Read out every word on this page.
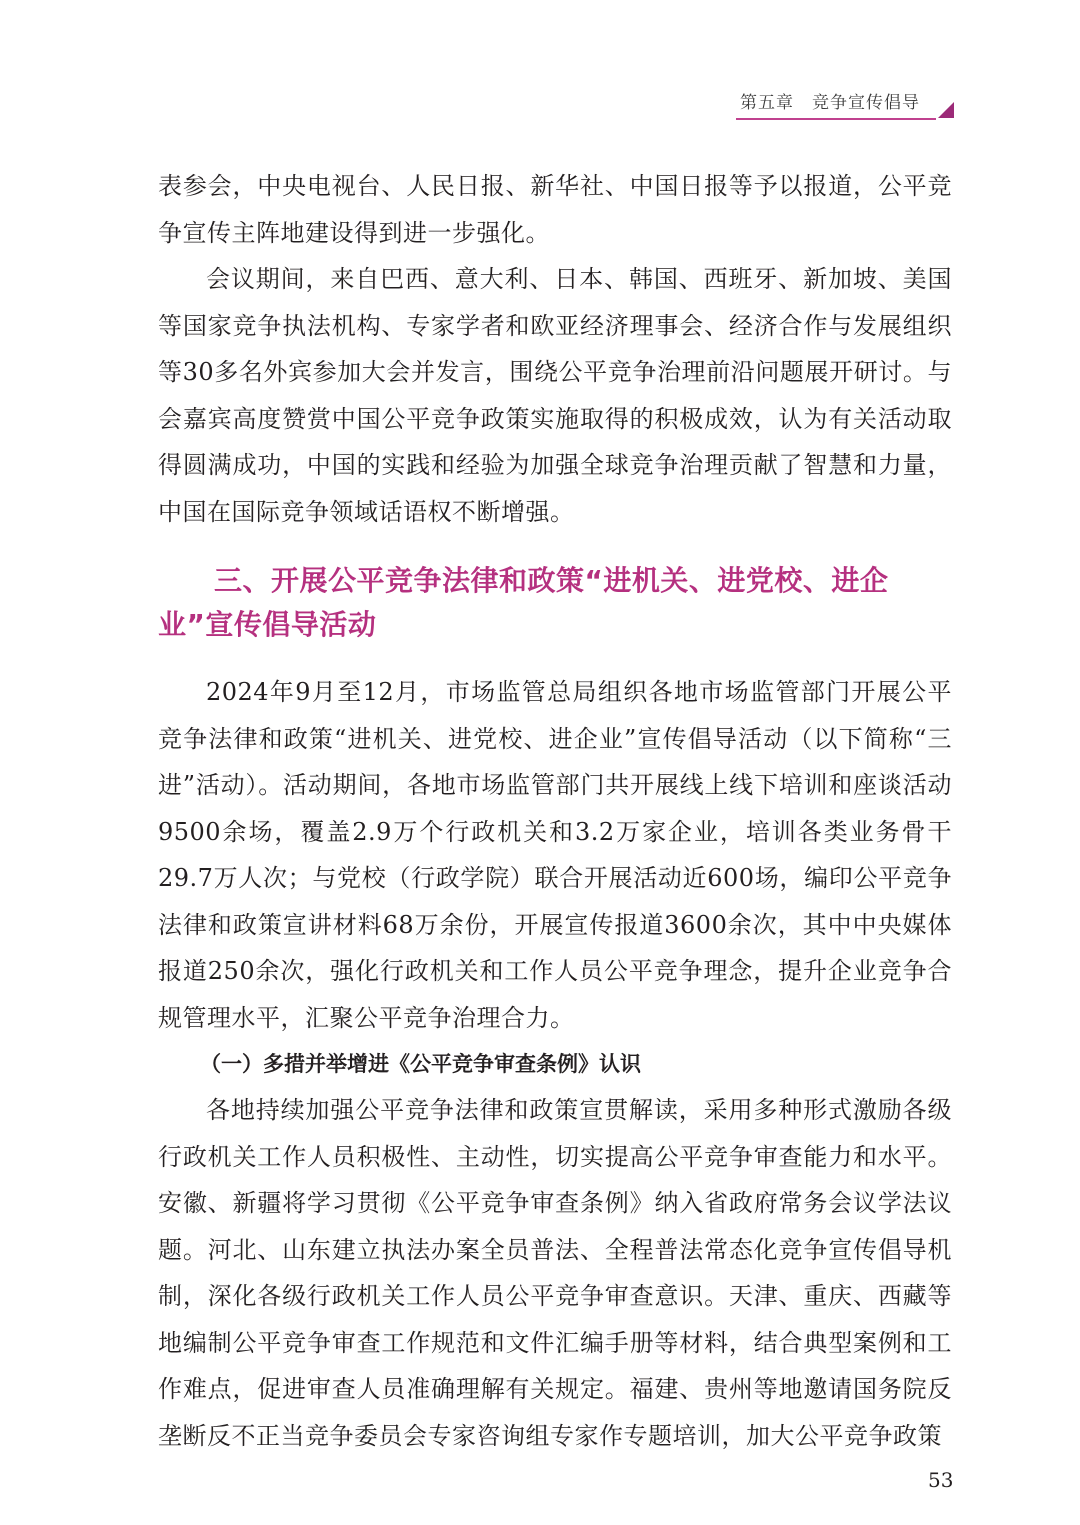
第五章 竞争宣传倡导

表参会，中央电视台、人民日报、新华社、中国日报等予以报道，公平竞争宣传主阵地建设得到进一步强化。

会议期间，来自巴西、意大利、日本、韩国、西班牙、新加坡、美国等国家竞争执法机构、专家学者和欧亚经济理事会、经济合作与发展组织等30多名外宾参加大会并发言，围绕公平竞争治理前沿问题展开研讨。与会嘉宾高度赞赏中国公平竞争政策实施取得的积极成效，认为有关活动取得圆满成功，中国的实践和经验为加强全球竞争治理贡献了智慧和力量，中国在国际竞争领域话语权不断增强。

三、开展公平竞争法律和政策“进机关、进党校、进企业”宣传倡导活动

2024年9月至12月，市场监管总局组织各地市场监管部门开展公平竞争法律和政策“进机关、进党校、进企业”宣传倡导活动（以下简称“三进”活动）。活动期间，各地市场监管部门共开展线上线下培训和座谈活动9500余场，覆盖2.9万个行政机关和3.2万家企业，培训各类业务骨干29.7万人次；与党校（行政学院）联合开展活动近600场，编印公平竞争法律和政策宣讲材料68万余份，开展宣传报道3600余次，其中中央媒体报道250余次，强化行政机关和工作人员公平竞争理念，提升企业竞争合规管理水平，汇聚公平竞争治理合力。

（一）多措并举增进《公平竞争审查条例》认识

各地持续加强公平竞争法律和政策宣贯解读，采用多种形式激励各级行政机关工作人员积极性、主动性，切实提高公平竞争审查能力和水平。安徽、新疆将学习贯彻《公平竞争审查条例》纳入省政府常务会议学法议题。河北、山东建立执法办案全员普法、全程普法常态化竞争宣传倡导机制，深化各级行政机关工作人员公平竞争审查意识。天津、重庆、西藏等地编制公平竞争审查工作规范和文件汇编手册等材料，结合典型案例和工作难点，促进审查人员准确理解有关规定。福建、贵州等地邀请国务院反垄断反不正当竞争委员会专家咨询组专家作专题培训，加大公平竞争政策

53
